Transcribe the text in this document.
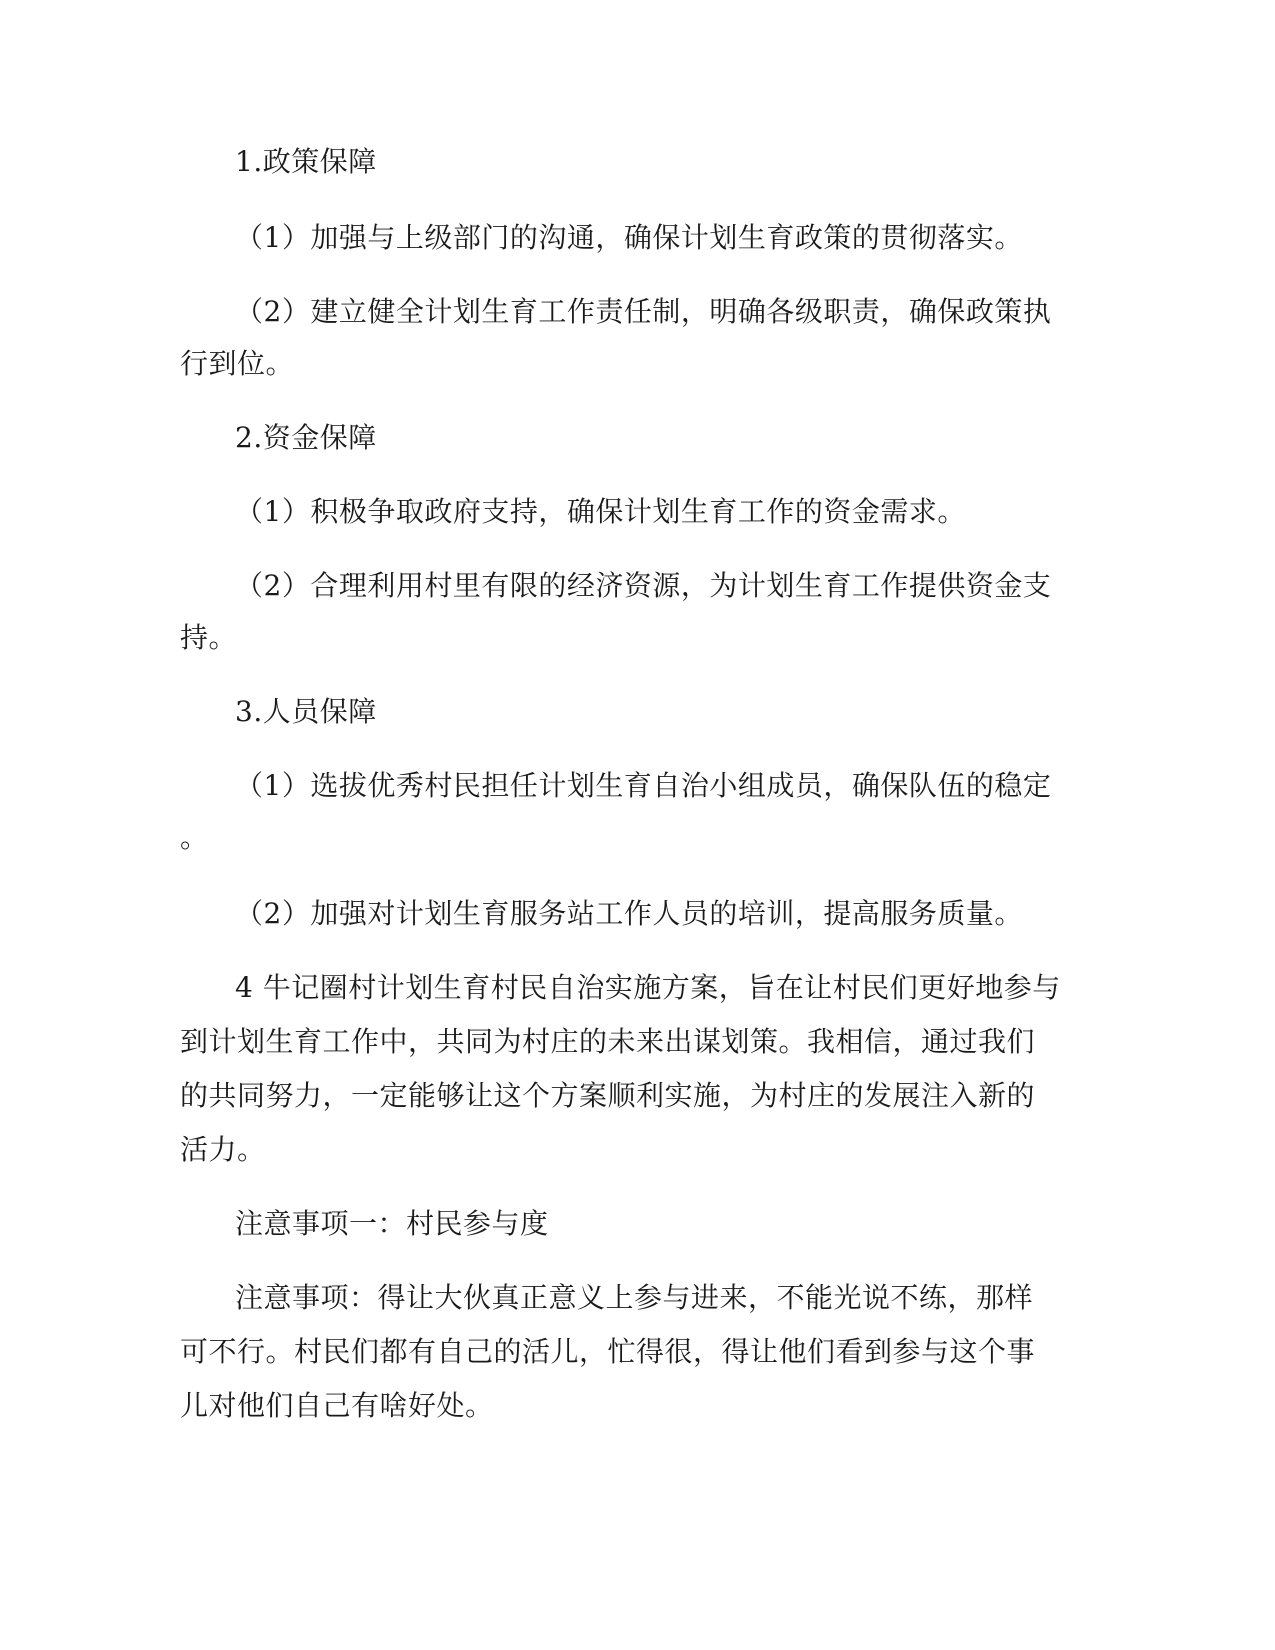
1.政策保障

（1）加强与上级部门的沟通，确保计划生育政策的贯彻落实。

（2）建立健全计划生育工作责任制，明确各级职责，确保政策执

行到位。

2.资金保障

（1）积极争取政府支持，确保计划生育工作的资金需求。

（2）合理利用村里有限的经济资源，为计划生育工作提供资金支

持。

3.人员保障

（1）选拔优秀村民担任计划生育自治小组成员，确保队伍的稳定

。

（2）加强对计划生育服务站工作人员的培训，提高服务质量。

4 牛记圈村计划生育村民自治实施方案，旨在让村民们更好地参与

到计划生育工作中，共同为村庄的未来出谋划策。我相信，通过我们

的共同努力，一定能够让这个方案顺利实施，为村庄的发展注入新的

活力。

注意事项一：村民参与度

注意事项：得让大伙真正意义上参与进来，不能光说不练，那样

可不行。村民们都有自己的活儿，忙得很，得让他们看到参与这个事

儿对他们自己有啥好处。
